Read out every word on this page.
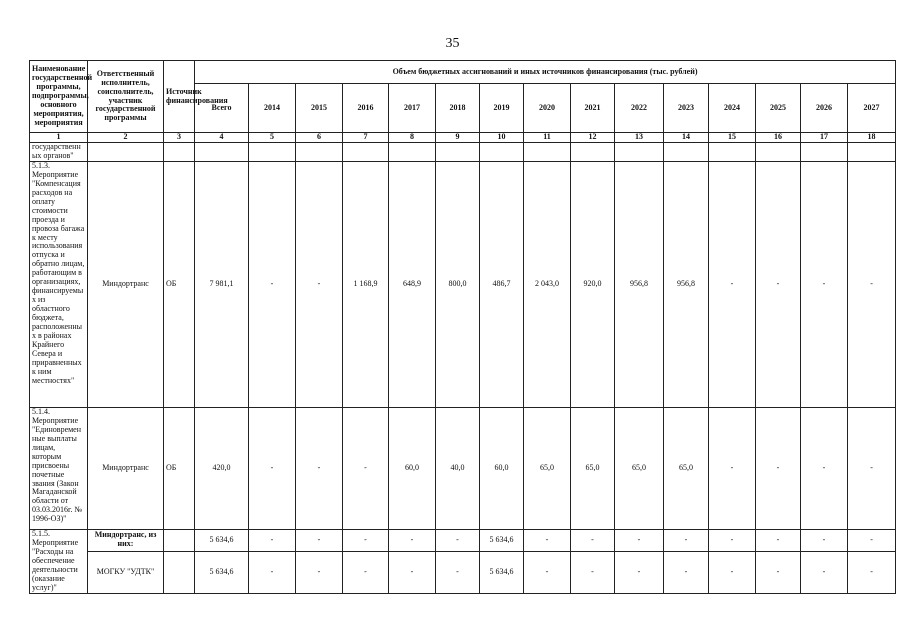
35
Наименование государственной программы, подпрограммы, основного мероприятия, мероприятия	Ответственный исполнитель, соисполнитель, участник государственной программы	Источник финансирования	Объем бюджетных ассигнований и иных источников финансирования (тыс. рублей)														
			Всего	2014	2015	2016	2017	2018	2019	2020	2021	2022	2023	2024	2025	2026	2027
1	2	3	4	5	6	7	8	9	10	11	12	13	14	15	16	17	18
государственных органов"																	
5.1.3. Мероприятие "Компенсация расходов на оплату стоимости проезда и провоза багажа к месту использования отпуска и обратно лицам, работающим в организациях, финансируемых из областного бюджета, расположенных в районах Крайнего Севера и приравненных к ним местностях"	Миндортранс	ОБ	7 981,1	-	-	1 168,9	648,9	800,0	486,7	2 043,0	920,0	956,8	956,8	-	-	-	-
5.1.4. Мероприятие "Единовременные выплаты лицам, которым присвоены почетные звания (Закон Магаданской области от 03.03.2016г. № 1996-ОЗ)"	Миндортранс	ОБ	420,0	-	-	-	60,0	40,0	60,0	65,0	65,0	65,0	65,0	-	-	-	-
5.1.5. Мероприятие "Расходы на обеспечение деятельности (оказание услуг)"	Миндортранс, из них:		5 634,6	-	-	-	-	-	5 634,6	-	-	-	-	-	-	-	-
	МОГКУ "УДТК"		5 634,6	-	-	-	-	-	5 634,6	-	-	-	-	-	-	-	-
